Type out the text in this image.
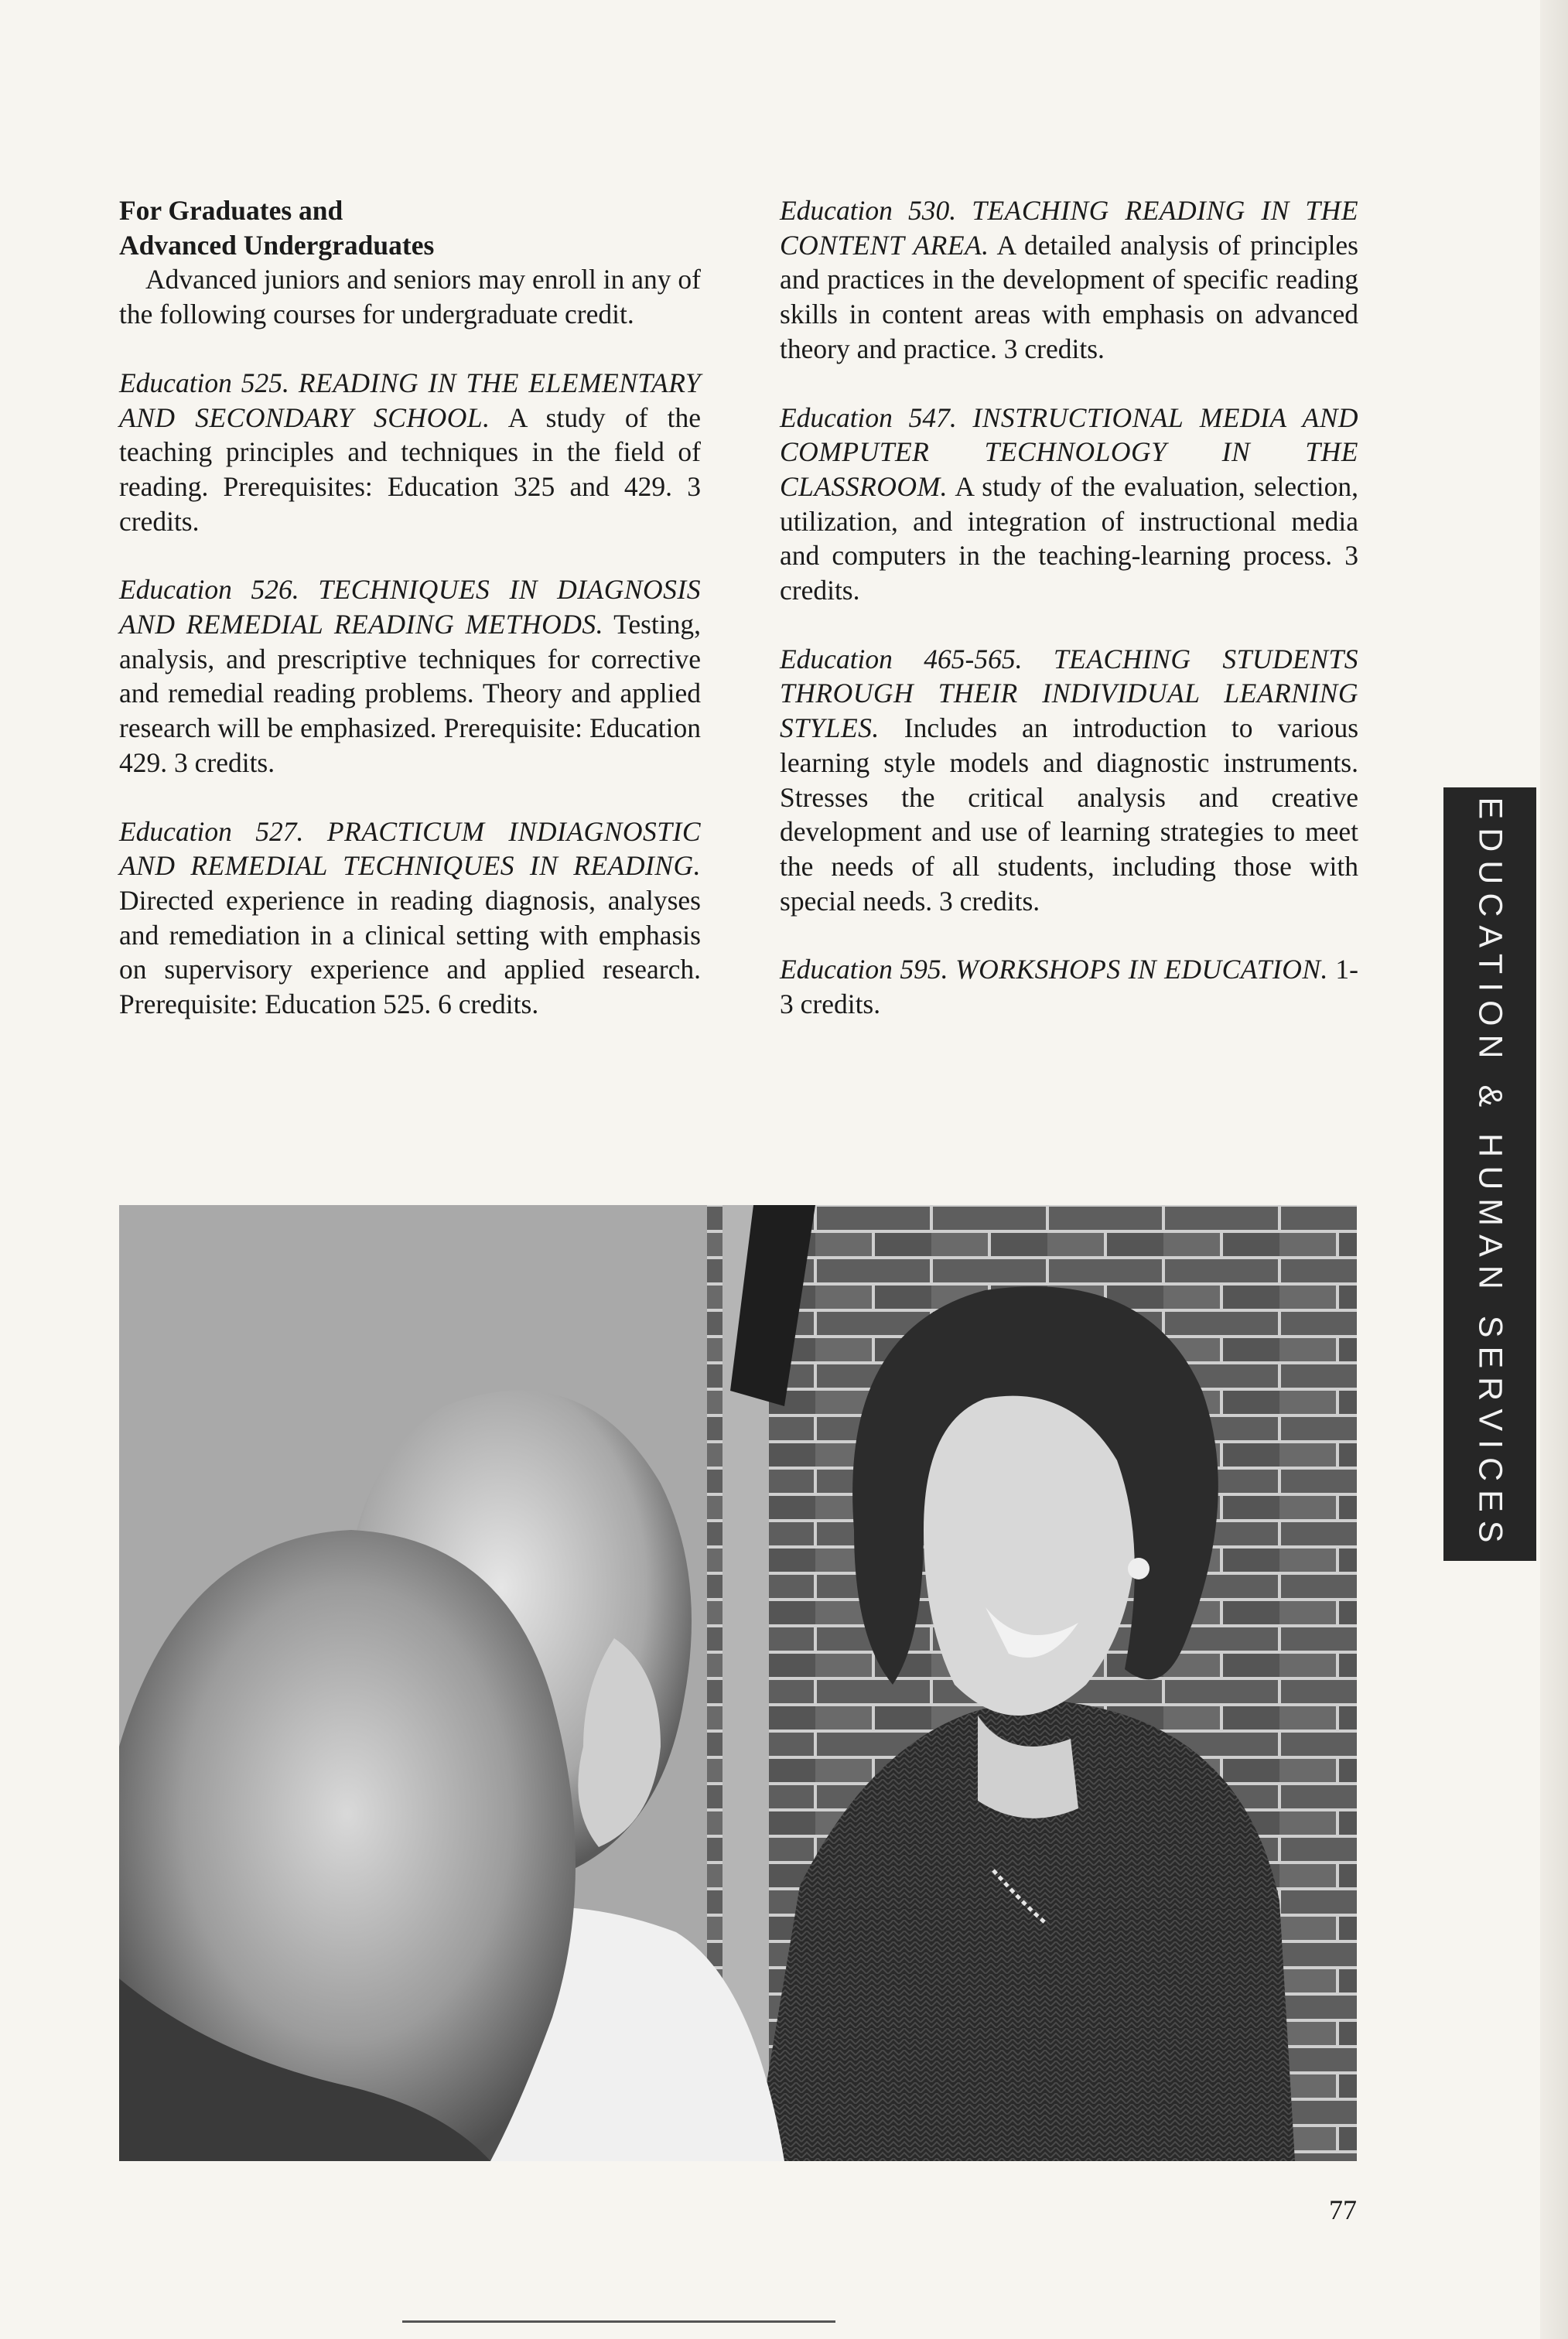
For Graduates and
Advanced Undergraduates

Advanced juniors and seniors may enroll in any of the following courses for undergraduate credit.

Education 525. READING IN THE ELEMENTARY AND SECONDARY SCHOOL. A study of the teaching principles and techniques in the field of reading. Prerequisites: Education 325 and 429. 3 credits.

Education 526. TECHNIQUES IN DIAGNOSIS AND REMEDIAL READING METHODS. Testing, analysis, and prescriptive techniques for corrective and remedial reading problems. Theory and applied research will be emphasized. Prerequisite: Education 429. 3 credits.

Education 527. PRACTICUM INDIAGNOSTIC AND REMEDIAL TECHNIQUES IN READING. Directed experience in reading diagnosis, analyses and remediation in a clinical setting with emphasis on supervisory experience and applied research. Prerequisite: Education 525. 6 credits.

Education 530. TEACHING READING IN THE CONTENT AREA. A detailed analysis of principles and practices in the development of specific reading skills in content areas with emphasis on advanced theory and practice. 3 credits.

Education 547. INSTRUCTIONAL MEDIA AND COMPUTER TECHNOLOGY IN THE CLASSROOM. A study of the evaluation, selection, utilization, and integration of instructional media and computers in the teaching-learning process. 3 credits.

Education 465-565. TEACHING STUDENTS THROUGH THEIR INDIVIDUAL LEARNING STYLES. Includes an introduction to various learning style models and diagnostic instruments. Stresses the critical analysis and creative development and use of learning strategies to meet the needs of all students, including those with special needs. 3 credits.

Education 595. WORKSHOPS IN EDUCATION. 1-3 credits.	EDUCATION & HUMAN SERVICES
77
